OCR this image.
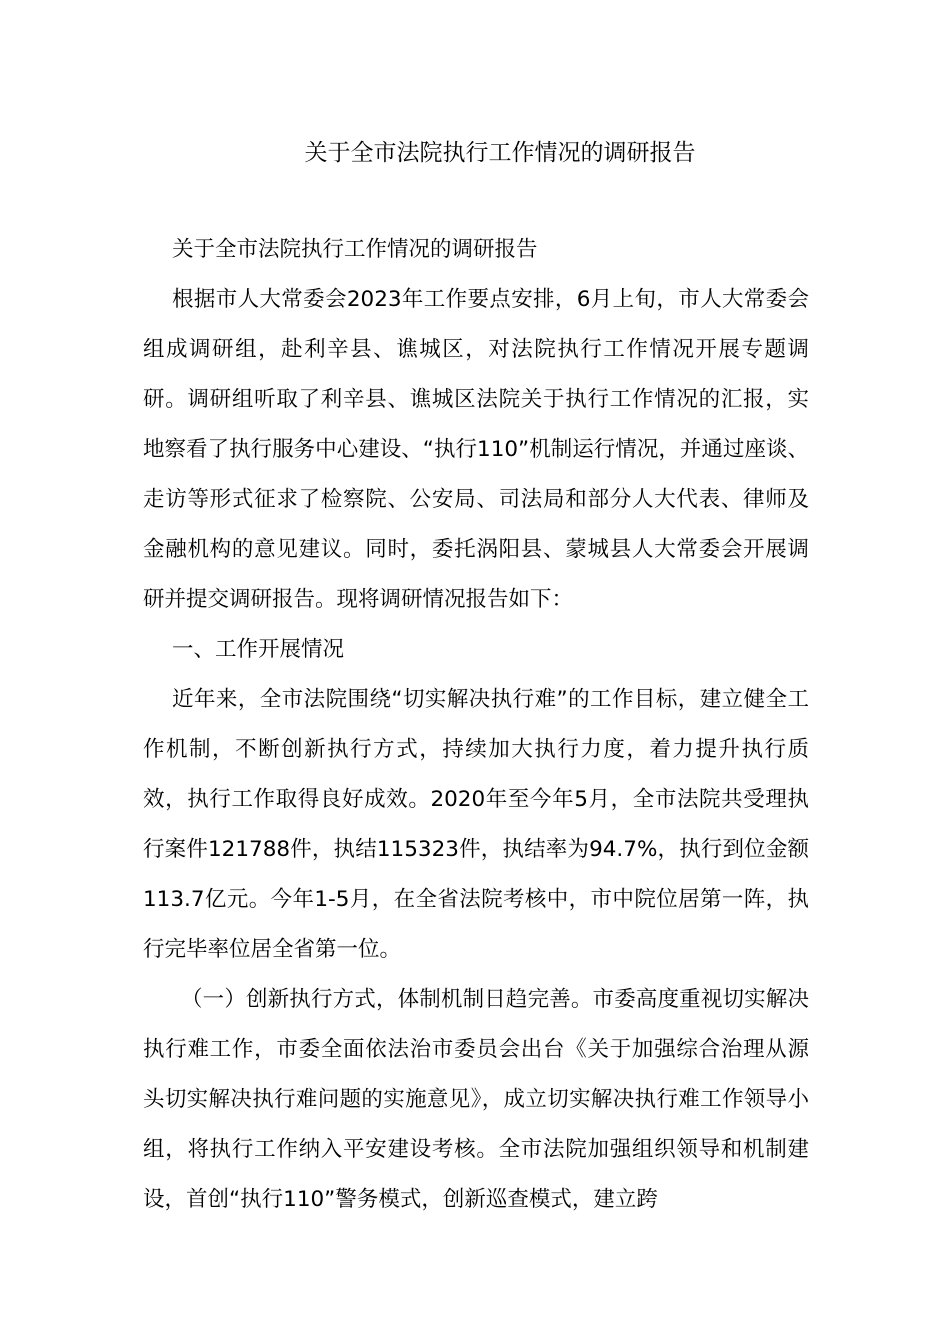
关于全市法院执行工作情况的调研报告

关于全市法院执行工作情况的调研报告

根据市人大常委会2023年工作要点安排，6月上旬，市人大常委会组成调研组，赴利辛县、谯城区，对法院执行工作情况开展专题调研。调研组听取了利辛县、谯城区法院关于执行工作情况的汇报，实地察看了执行服务中心建设、“执行110”机制运行情况，并通过座谈、走访等形式征求了检察院、公安局、司法局和部分人大代表、律师及金融机构的意见建议。同时，委托涡阳县、蒙城县人大常委会开展调研并提交调研报告。现将调研情况报告如下：

一、工作开展情况

近年来，全市法院围绕“切实解决执行难”的工作目标，建立健全工作机制，不断创新执行方式，持续加大执行力度，着力提升执行质效，执行工作取得良好成效。2020年至今年5月，全市法院共受理执行案件121788件，执结115323件，执结率为94.7%，执行到位金额113.7亿元。今年1-5月，在全省法院考核中，市中院位居第一阵，执行完毕率位居全省第一位。

（一）创新执行方式，体制机制日趋完善。市委高度重视切实解决执行难工作，市委全面依法治市委员会出台《关于加强综合治理从源头切实解决执行难问题的实施意见》，成立切实解决执行难工作领导小组，将执行工作纳入平安建设考核。全市法院加强组织领导和机制建设，首创“执行110”警务模式，创新巡查模式，建立跨
